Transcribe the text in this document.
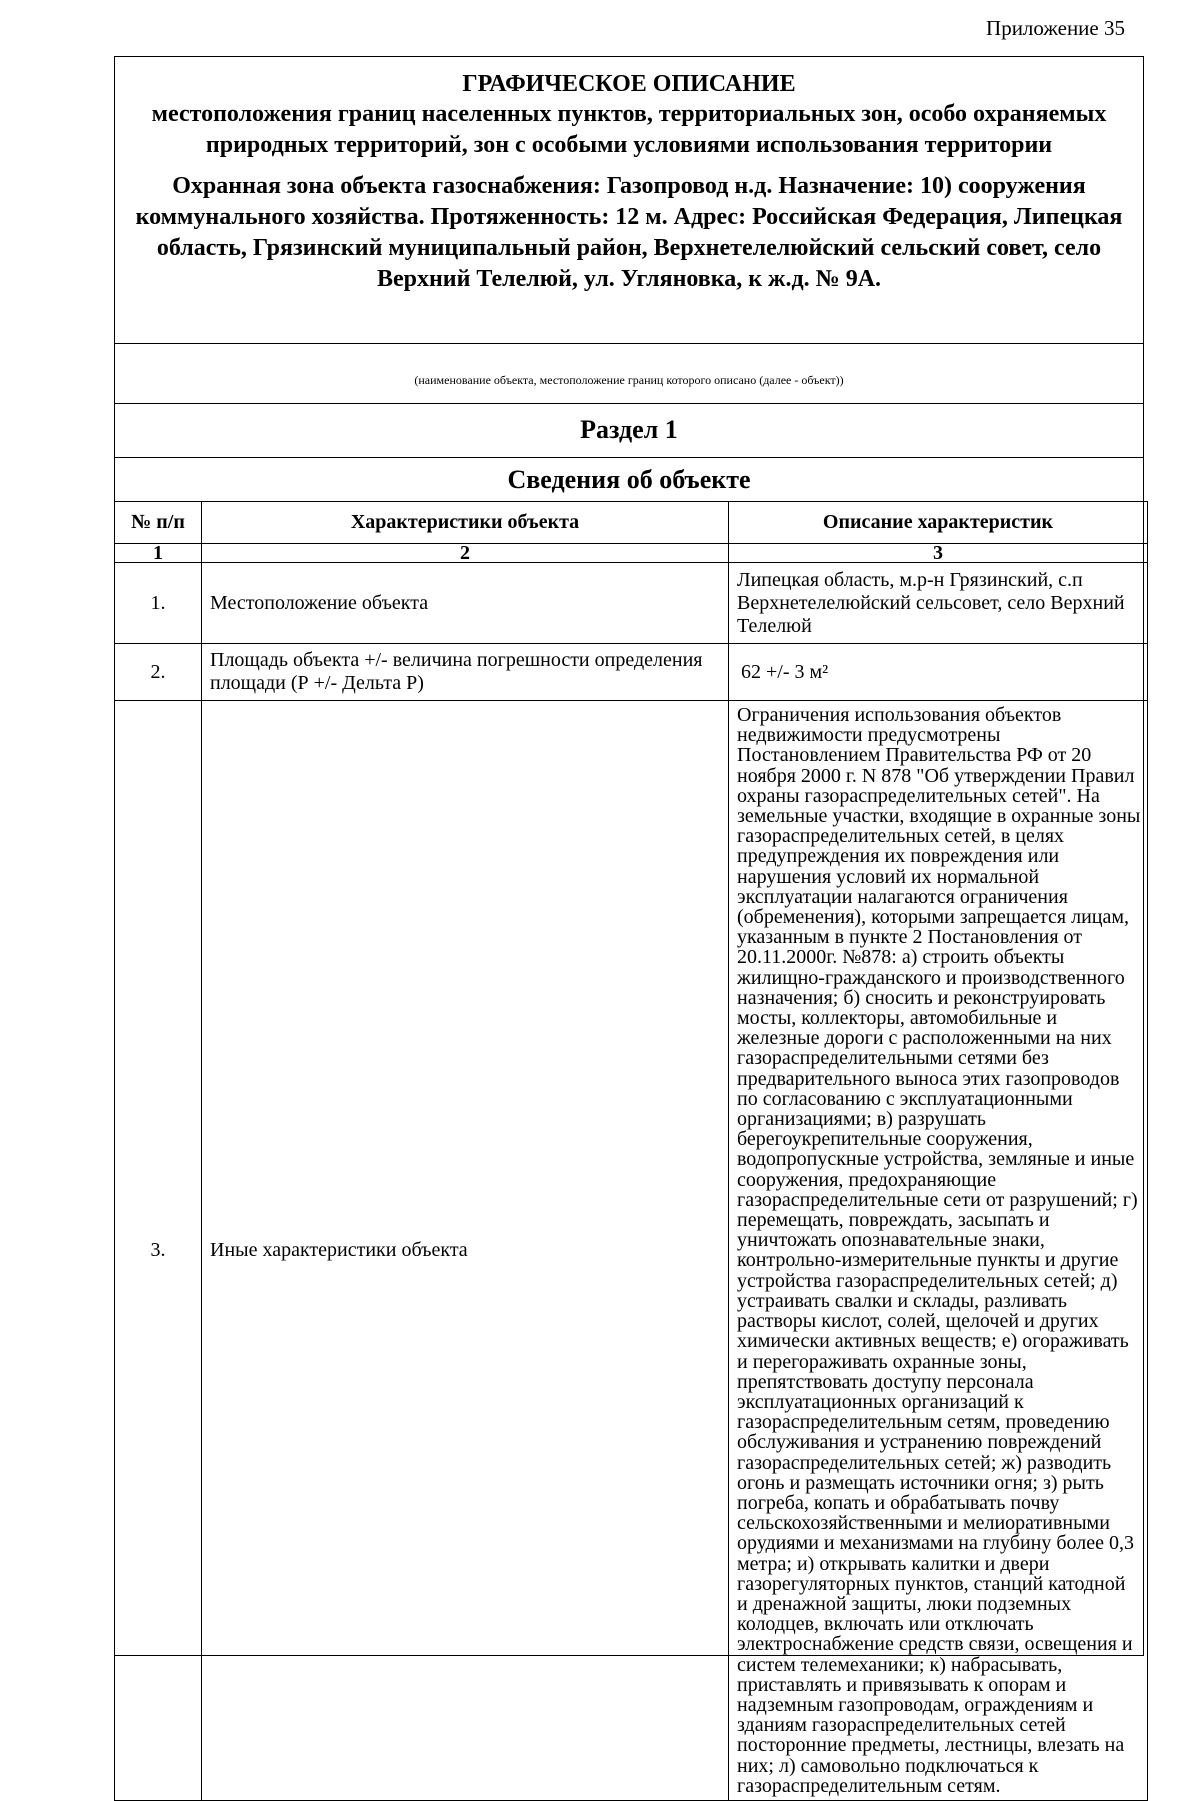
Приложение 35
ГРАФИЧЕСКОЕ ОПИСАНИЕ
местоположения границ населенных пунктов, территориальных зон, особо охраняемых природных территорий, зон с особыми условиями использования территории
Охранная зона объекта газоснабжения: Газопровод н.д. Назначение: 10) сооружения коммунального хозяйства. Протяженность: 12 м. Адрес: Российская Федерация, Липецкая область, Грязинский муниципальный район, Верхнетелелюйский сельский совет, село Верхний Телелюй, ул. Угляновка, к ж.д. № 9А.
(наименование объекта, местоположение границ которого описано (далее - объект))
Раздел 1
Сведения об объекте
№ п/п	Характеристики объекта	Описание характеристик
1	2	3
1.	Местоположение объекта	Липецкая область, м.р-н Грязинский, с.п Верхнетелелюйский сельсовет, село Верхний Телелюй
2.	Площадь объекта +/- величина погрешности определения площади (Р +/- Дельта Р)	62 +/- 3 м²
3.	Иные характеристики объекта	Ограничения использования объектов недвижимости предусмотрены Постановлением Правительства РФ от 20 ноября 2000 г. N 878 "Об утверждении Правил охраны газораспределительных сетей". На земельные участки, входящие в охранные зоны газораспределительных сетей, в целях предупреждения их повреждения или нарушения условий их нормальной эксплуатации налагаются ограничения (обременения), которыми запрещается лицам, указанным в пункте 2 Постановления от 20.11.2000г. №878: а) строить объекты жилищно-гражданского и производственного назначения; б) сносить и реконструировать мосты, коллекторы, автомобильные и железные дороги с расположенными на них газораспределительными сетями без предварительного выноса этих газопроводов по согласованию с эксплуатационными организациями; в) разрушать берегоукрепительные сооружения, водопропускные устройства, земляные и иные сооружения, предохраняющие газораспределительные сети от разрушений; г) перемещать, повреждать, засыпать и уничтожать опознавательные знаки, контрольно-измерительные пункты и другие устройства газораспределительных сетей; д) устраивать свалки и склады, разливать растворы кислот, солей, щелочей и других химически активных веществ; е) огораживать и перегораживать охранные зоны, препятствовать доступу персонала эксплуатационных организаций к газораспределительным сетям, проведению обслуживания и устранению повреждений газораспределительных сетей; ж) разводить огонь и размещать источники огня; з) рыть погреба, копать и обрабатывать почву сельскохозяйственными и мелиоративными орудиями и механизмами на глубину более 0,3 метра; и) открывать калитки и двери газорегуляторных пунктов, станций катодной и дренажной защиты, люки подземных колодцев, включать или отключать электроснабжение средств связи, освещения и систем телемеханики; к) набрасывать, приставлять и привязывать к опорам и надземным газопроводам, ограждениям и зданиям газораспределительных сетей посторонние предметы, лестницы, влезать на них; л) самовольно подключаться к газораспределительным сетям.
